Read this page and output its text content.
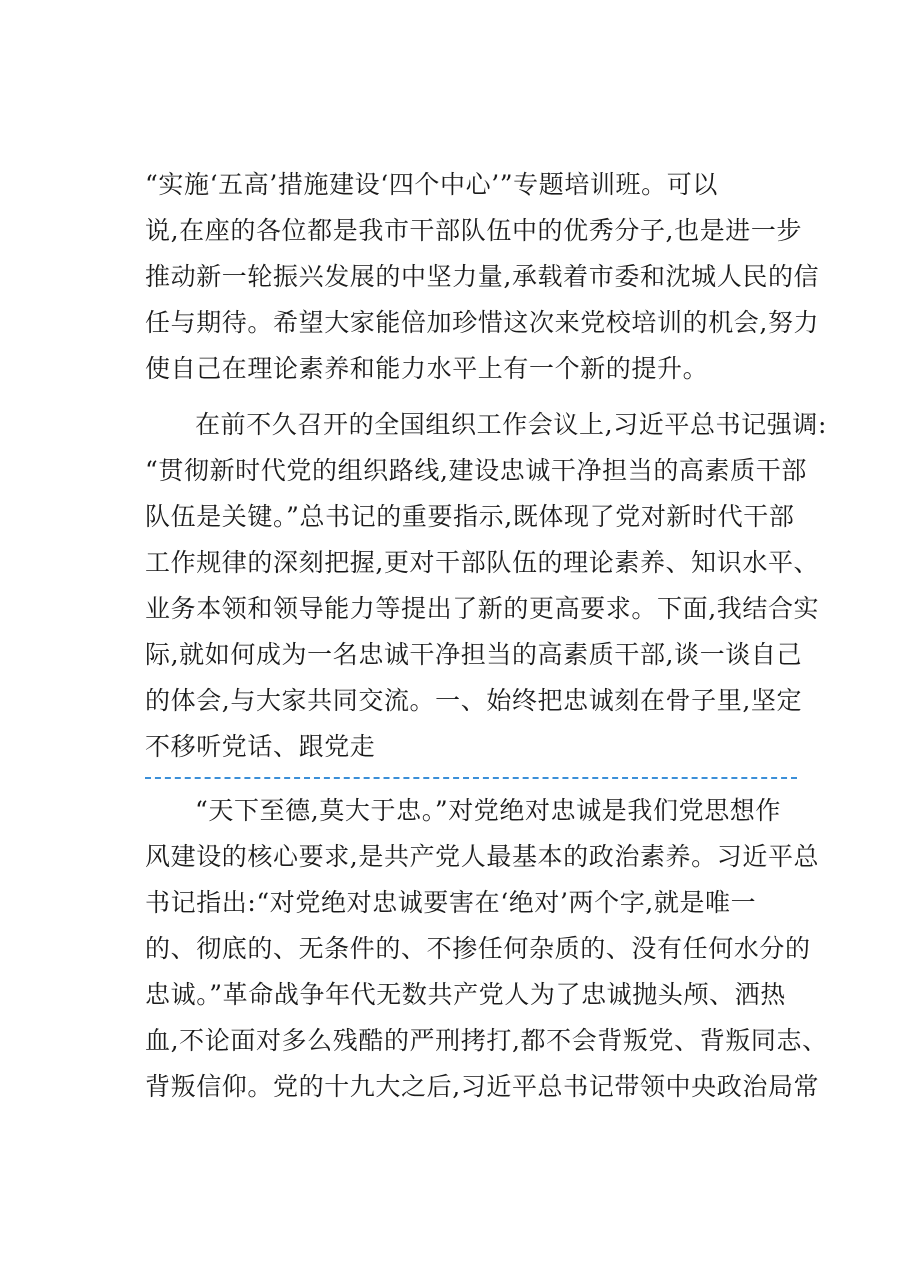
“实施‘五高’措施建设‘四个中心’”专题培训班。可以
说,在座的各位都是我市干部队伍中的优秀分子,也是进一步
推动新一轮振兴发展的中坚力量,承载着市委和沈城人民的信
任与期待。希望大家能倍加珍惜这次来党校培训的机会,努力
使自己在理论素养和能力水平上有一个新的提升。
在前不久召开的全国组织工作会议上,习近平总书记强调:
“贯彻新时代党的组织路线,建设忠诚干净担当的高素质干部
队伍是关键。”总书记的重要指示,既体现了党对新时代干部
工作规律的深刻把握,更对干部队伍的理论素养、知识水平、
业务本领和领导能力等提出了新的更高要求。下面,我结合实
际,就如何成为一名忠诚干净担当的高素质干部,谈一谈自己
的体会,与大家共同交流。一、始终把忠诚刻在骨子里,坚定
不移听党话、跟党走
“天下至德,莫大于忠。”对党绝对忠诚是我们党思想作
风建设的核心要求,是共产党人最基本的政治素养。习近平总
书记指出:“对党绝对忠诚要害在‘绝对’两个字,就是唯一
的、彻底的、无条件的、不掺任何杂质的、没有任何水分的
忠诚。”革命战争年代无数共产党人为了忠诚抛头颅、洒热
血,不论面对多么残酷的严刑拷打,都不会背叛党、背叛同志、
背叛信仰。党的十九大之后,习近平总书记带领中央政治局常
